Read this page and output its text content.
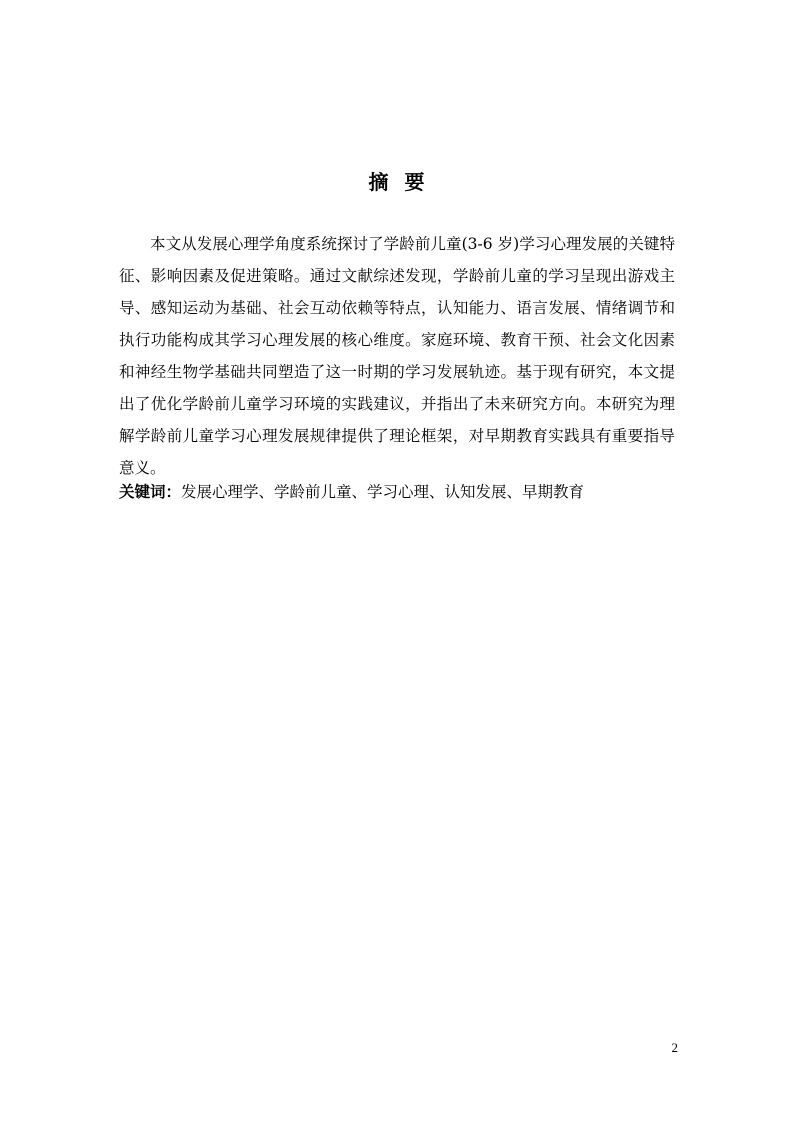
摘要

本文从发展心理学角度系统探讨了学龄前儿童(3-6 岁)学习心理发展的关键特征、影响因素及促进策略。通过文献综述发现，学龄前儿童的学习呈现出游戏主导、感知运动为基础、社会互动依赖等特点，认知能力、语言发展、情绪调节和执行功能构成其学习心理发展的核心维度。家庭环境、教育干预、社会文化因素和神经生物学基础共同塑造了这一时期的学习发展轨迹。基于现有研究，本文提出了优化学龄前儿童学习环境的实践建议，并指出了未来研究方向。本研究为理解学龄前儿童学习心理发展规律提供了理论框架，对早期教育实践具有重要指导意义。

关键词：发展心理学、学龄前儿童、学习心理、认知发展、早期教育

2
